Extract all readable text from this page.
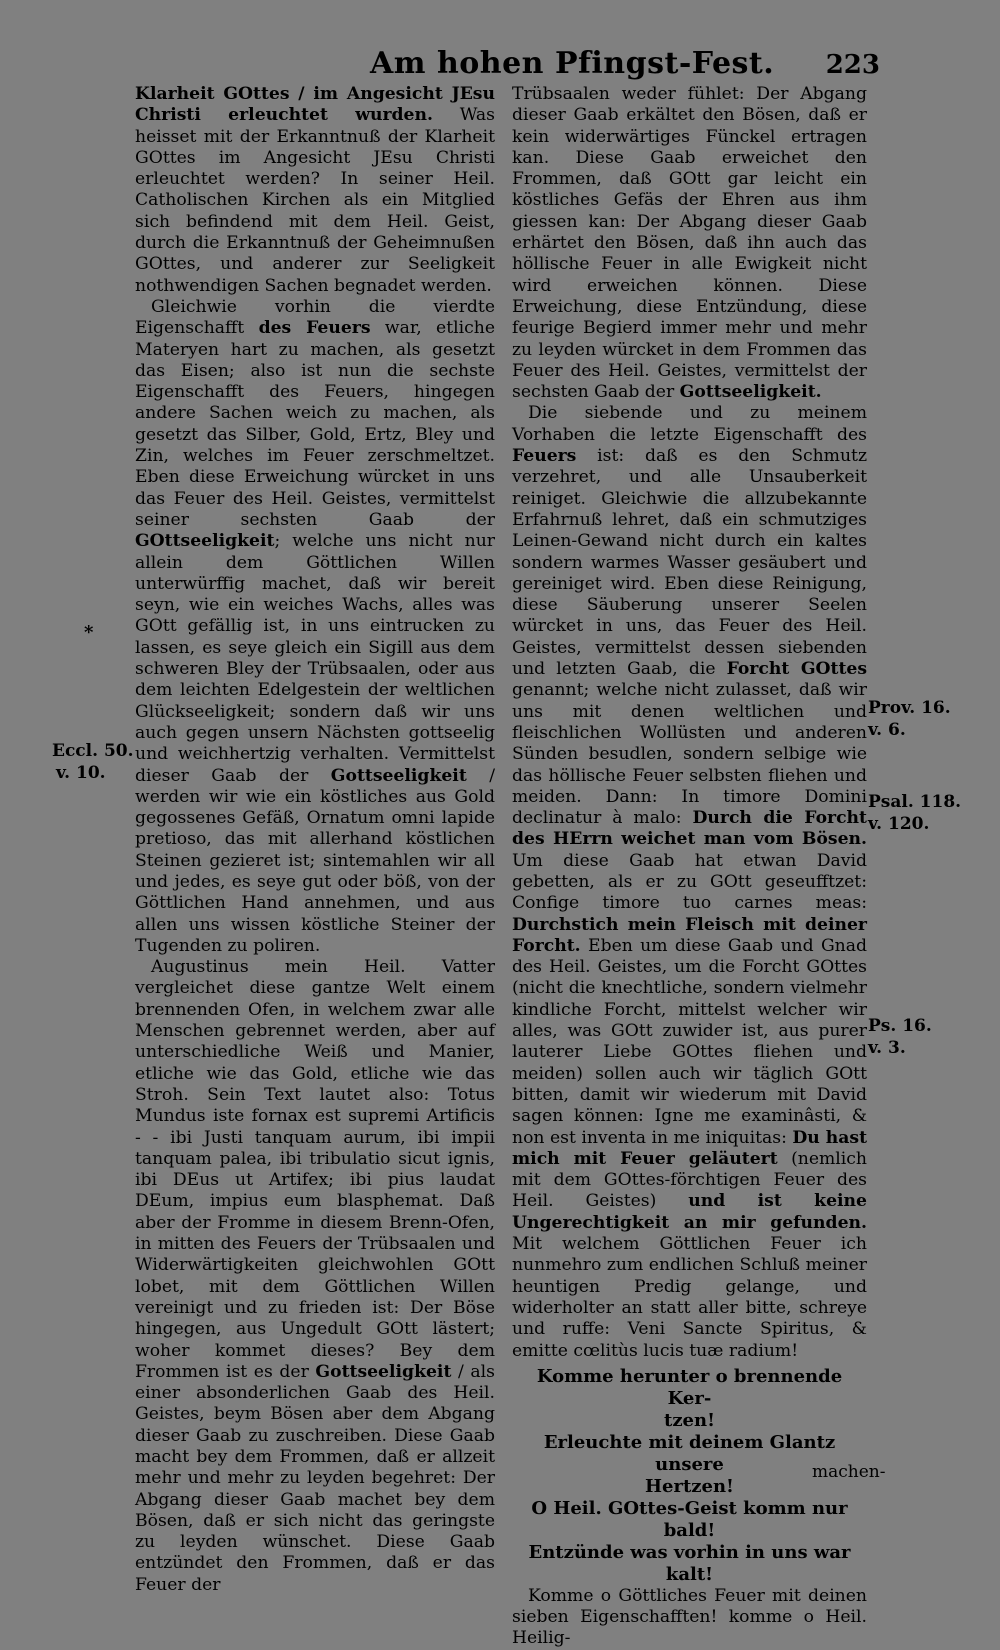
Am hohen Pfingst-Fest. 223

Klarheit GOttes / im Angesicht JEsu Christi erleuchtet wurden. Was heisset mit der Erkanntnuß der Klarheit GOttes im Angesicht JEsu Christi erleuchtet werden? In seiner Heil. Catholischen Kirchen als ein Mitglied sich befindend mit dem Heil. Geist, durch die Erkanntnuß der Geheimnußen GOttes, und anderer zur Seeligkeit nothwendigen Sachen begnadet werden.

Gleichwie vorhin die vierdte Eigenschafft des Feuers war, etliche Materyen hart zu machen, als gesetzt das Eisen; also ist nun die sechste Eigenschafft des Feuers, hingegen andere Sachen weich zu machen, als gesetzt das Silber, Gold, Ertz, Bley und Zin, welches im Feuer zerschmeltzet. Eben diese Erweichung würcket in uns das Feuer des Heil. Geistes, vermittelst seiner sechsten Gaab der GOttseeligkeit; welche uns nicht nur allein dem Göttlichen Willen unterwürffig machet, daß wir bereit seyn, wie ein weiches Wachs, alles was GOtt gefällig ist, in uns eintrucken zu lassen, es seye gleich ein Sigill aus dem schweren Bley der Trübsaalen, oder aus dem leichten Edelgestein der weltlichen Glückseeligkeit; sondern daß wir uns auch gegen unsern Nächsten gottseelig und weichhertzig verhalten. Vermittelst dieser Gaab der Gottseeligkeit / werden wir wie ein köstliches aus Gold gegossenes Gefäß, Ornatum omni lapide pretioso, das mit allerhand köstlichen Steinen gezieret ist; sintemahlen wir all und jedes, es seye gut oder böß, von der Göttlichen Hand annehmen, und aus allen uns wissen köstliche Steiner der Tugenden zu poliren.

Augustinus mein Heil. Vatter vergleichet diese gantze Welt einem brennenden Ofen, in welchem zwar alle Menschen gebrennet werden, aber auf unterschiedliche Weiß und Manier, etliche wie das Gold, etliche wie das Stroh. Sein Text lautet also: Totus Mundus iste fornax est supremi Artificis - - ibi Justi tanquam aurum, ibi impii tanquam palea, ibi tribulatio sicut ignis, ibi DEus ut Artifex; ibi pius laudat DEum, impius eum blasphemat. Daß aber der Fromme in diesem Brenn-Ofen, in mitten des Feuers der Trübsaalen und Widerwärtigkeiten gleichwohlen GOtt lobet, mit dem Göttlichen Willen vereinigt und zu frieden ist: Der Böse hingegen, aus Ungedult GOtt lästert; woher kommet dieses? Bey dem Frommen ist es der Gottseeligkeit / als einer absonderlichen Gaab des Heil. Geistes, beym Bösen aber dem Abgang dieser Gaab zu zuschreiben. Diese Gaab macht bey dem Frommen, daß er allzeit mehr und mehr zu leyden begehret: Der Abgang dieser Gaab machet bey dem Bösen, daß er sich nicht das geringste zu leyden wünschet. Diese Gaab entzündet den Frommen, daß er das Feuer der

Trübsaalen weder fühlet: Der Abgang dieser Gaab erkältet den Bösen, daß er kein widerwärtiges Fünckel ertragen kan. Diese Gaab erweichet den Frommen, daß GOtt gar leicht ein köstliches Gefäs der Ehren aus ihm giessen kan: Der Abgang dieser Gaab erhärtet den Bösen, daß ihn auch das höllische Feuer in alle Ewigkeit nicht wird erweichen können. Diese Erweichung, diese Entzündung, diese feurige Begierd immer mehr und mehr zu leyden würcket in dem Frommen das Feuer des Heil. Geistes, vermittelst der sechsten Gaab der Gottseeligkeit.

Die siebende und zu meinem Vorhaben die letzte Eigenschafft des Feuers ist: daß es den Schmutz verzehret, und alle Unsauberkeit reiniget. Gleichwie die allzubekannte Erfahrnuß lehret, daß ein schmutziges Leinen-Gewand nicht durch ein kaltes sondern warmes Wasser gesäubert und gereiniget wird. Eben diese Reinigung, diese Säuberung unserer Seelen würcket in uns, das Feuer des Heil. Geistes, vermittelst dessen siebenden und letzten Gaab, die Forcht GOttes genannt; welche nicht zulasset, daß wir uns mit denen weltlichen und fleischlichen Wollüsten und anderen Sünden besudlen, sondern selbige wie das höllische Feuer selbsten fliehen und meiden. Dann: In timore Domini declinatur à malo: Durch die Forcht des HErrn weichet man vom Bösen. Um diese Gaab hat etwan David gebetten, als er zu GOtt geseufftzet: Confige timore tuo carnes meas: Durchstich mein Fleisch mit deiner Forcht. Eben um diese Gaab und Gnad des Heil. Geistes, um die Forcht GOttes (nicht die knechtliche, sondern vielmehr kindliche Forcht, mittelst welcher wir alles, was GOtt zuwider ist, aus purer lauterer Liebe GOttes fliehen und meiden) sollen auch wir täglich GOtt bitten, damit wir wiederum mit David sagen können: Igne me examinâsti, & non est inventa in me iniquitas: Du hast mich mit Feuer geläutert (nemlich mit dem GOttes-förchtigen Feuer des Heil. Geistes) und ist keine Ungerechtigkeit an mir gefunden. Mit welchem Göttlichen Feuer ich nunmehro zum endlichen Schluß meiner heuntigen Predig gelange, und widerholter an statt aller bitte, schreye und ruffe: Veni Sancte Spiritus, & emitte cœlitùs lucis tuæ radium!

Komme herunter o brennende Ker-
tzen!
Erleuchte mit deinem Glantz unsere
Hertzen!
O Heil. GOttes-Geist komm nur
bald!
Entzünde was vorhin in uns war
kalt!

Komme o Göttliches Feuer mit deinen sieben Eigenschafften! komme o Heil. Heilig-

machen-
*
Eccl. 50.
v. 10.
Prov. 16.
v. 6.
Psal. 118.
v. 120.
Ps. 16.
v. 3.
